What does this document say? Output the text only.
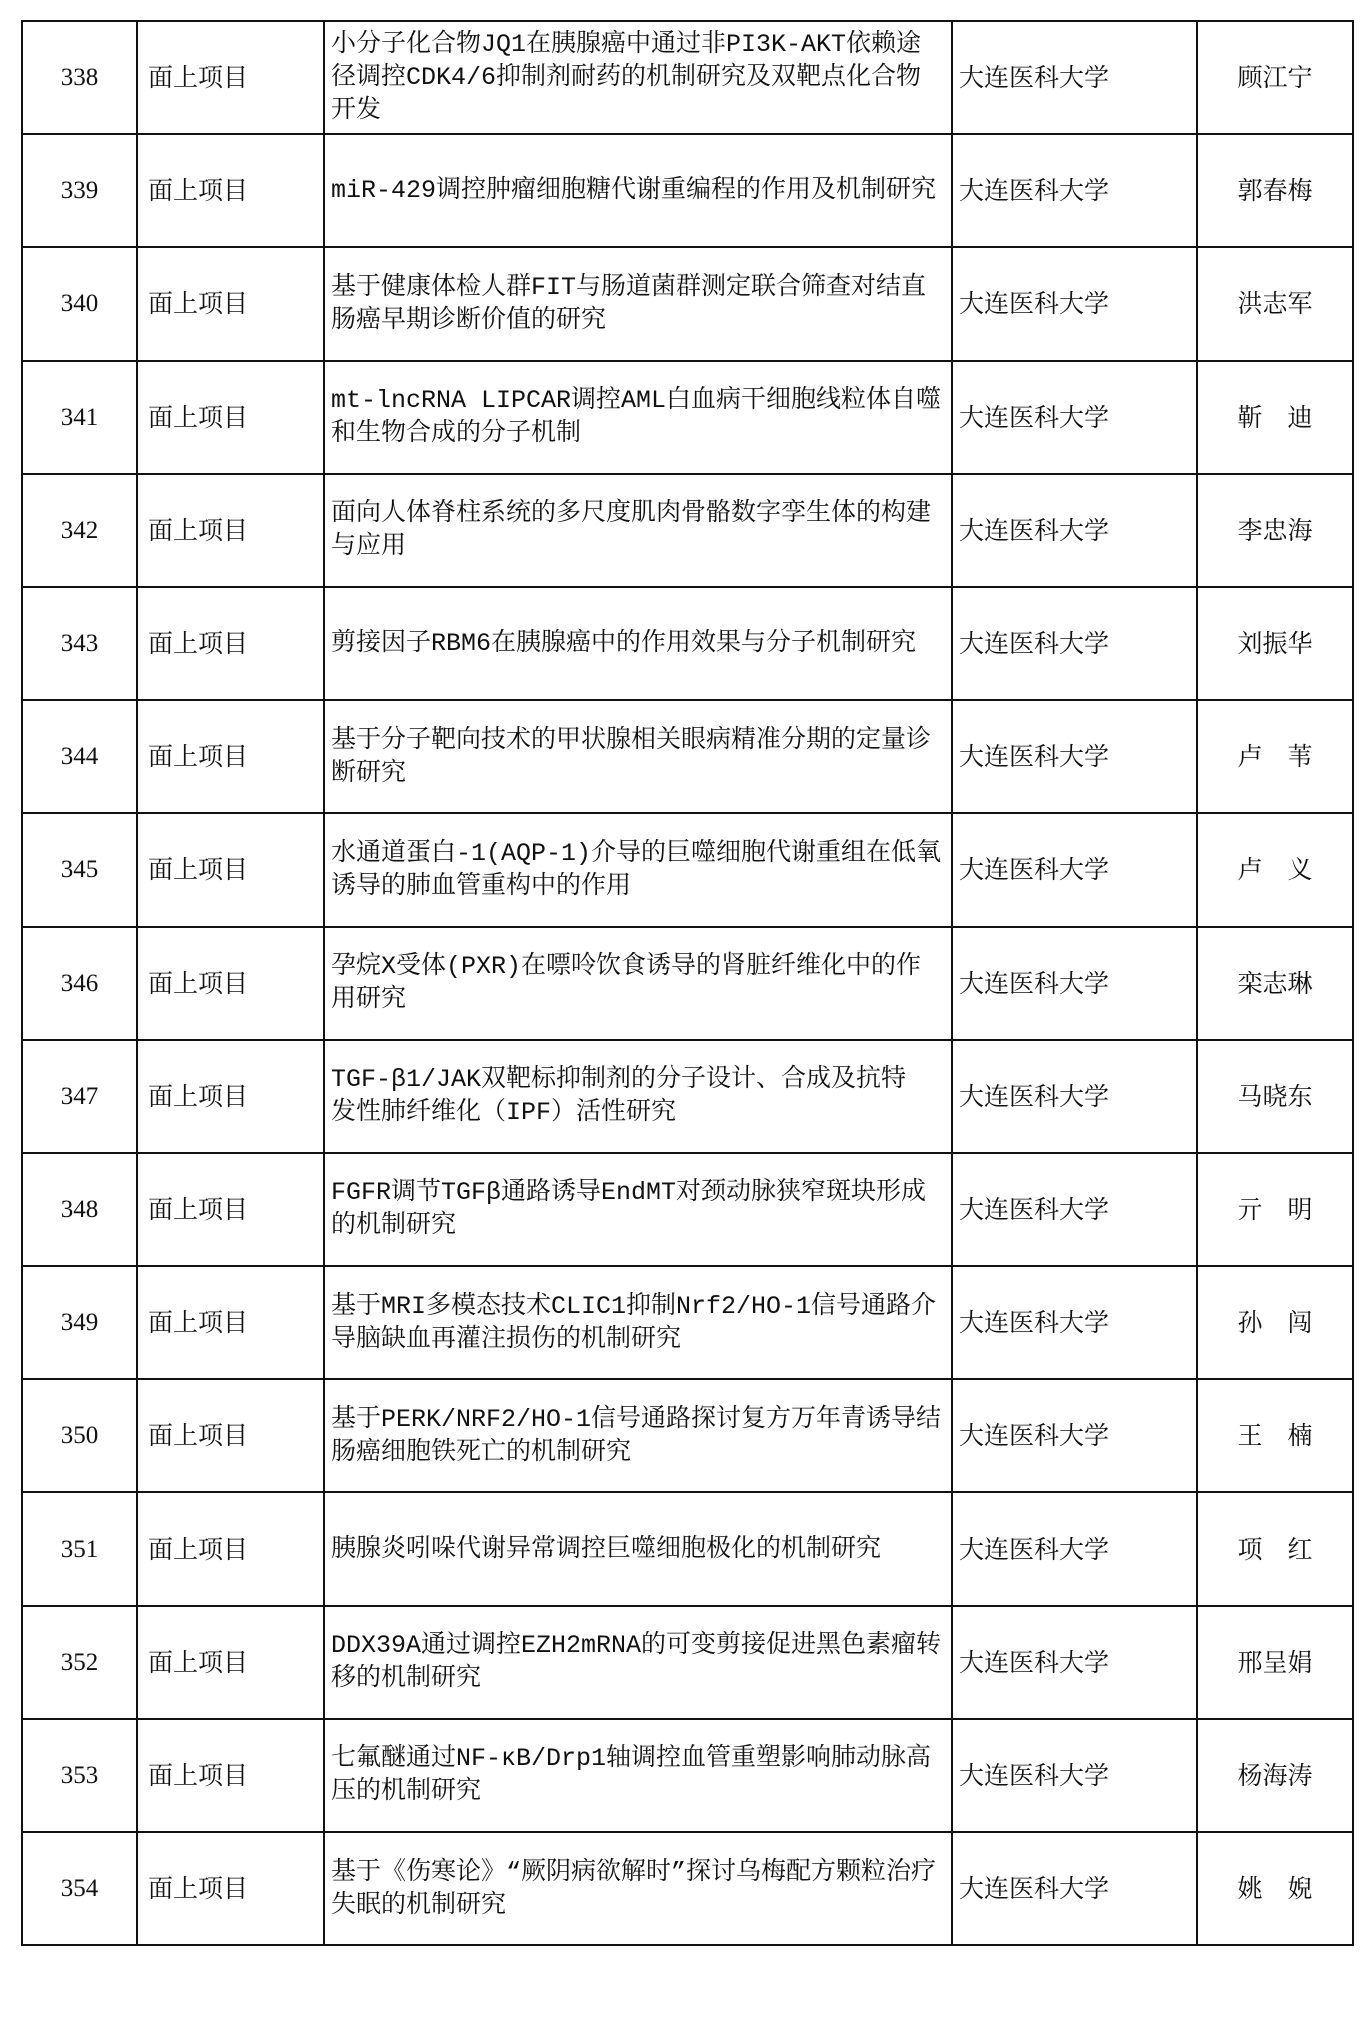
338	面上项目	小分子化合物JQ1在胰腺癌中通过非PI3K-AKT依赖途径调控CDK4/6抑制剂耐药的机制研究及双靶点化合物开发	大连医科大学	顾江宁
339	面上项目	miR-429调控肿瘤细胞糖代谢重编程的作用及机制研究	大连医科大学	郭春梅
340	面上项目	基于健康体检人群FIT与肠道菌群测定联合筛查对结直肠癌早期诊断价值的研究	大连医科大学	洪志军
341	面上项目	mt-lncRNA LIPCAR调控AML白血病干细胞线粒体自噬和生物合成的分子机制	大连医科大学	靳　迪
342	面上项目	面向人体脊柱系统的多尺度肌肉骨骼数字孪生体的构建与应用	大连医科大学	李忠海
343	面上项目	剪接因子RBM6在胰腺癌中的作用效果与分子机制研究	大连医科大学	刘振华
344	面上项目	基于分子靶向技术的甲状腺相关眼病精准分期的定量诊断研究	大连医科大学	卢　苇
345	面上项目	水通道蛋白-1(AQP-1)介导的巨噬细胞代谢重组在低氧诱导的肺血管重构中的作用	大连医科大学	卢　义
346	面上项目	孕烷X受体(PXR)在嘌呤饮食诱导的肾脏纤维化中的作用研究	大连医科大学	栾志琳
347	面上项目	TGF-β1/JAK双靶标抑制剂的分子设计、合成及抗特 发性肺纤维化（IPF）活性研究	大连医科大学	马晓东
348	面上项目	FGFR调节TGFβ通路诱导EndMT对颈动脉狭窄斑块形成的机制研究	大连医科大学	亓　明
349	面上项目	基于MRI多模态技术CLIC1抑制Nrf2/HO-1信号通路介导脑缺血再灌注损伤的机制研究	大连医科大学	孙　闯
350	面上项目	基于PERK/NRF2/HO-1信号通路探讨复方万年青诱导结肠癌细胞铁死亡的机制研究	大连医科大学	王　楠
351	面上项目	胰腺炎吲哚代谢异常调控巨噬细胞极化的机制研究	大连医科大学	项　红
352	面上项目	DDX39A通过调控EZH2mRNA的可变剪接促进黑色素瘤转移的机制研究	大连医科大学	邢呈娟
353	面上项目	七氟醚通过NF-κB/Drp1轴调控血管重塑影响肺动脉高压的机制研究	大连医科大学	杨海涛
354	面上项目	基于《伤寒论》“厥阴病欲解时”探讨乌梅配方颗粒治疗失眠的机制研究	大连医科大学	姚　婗
